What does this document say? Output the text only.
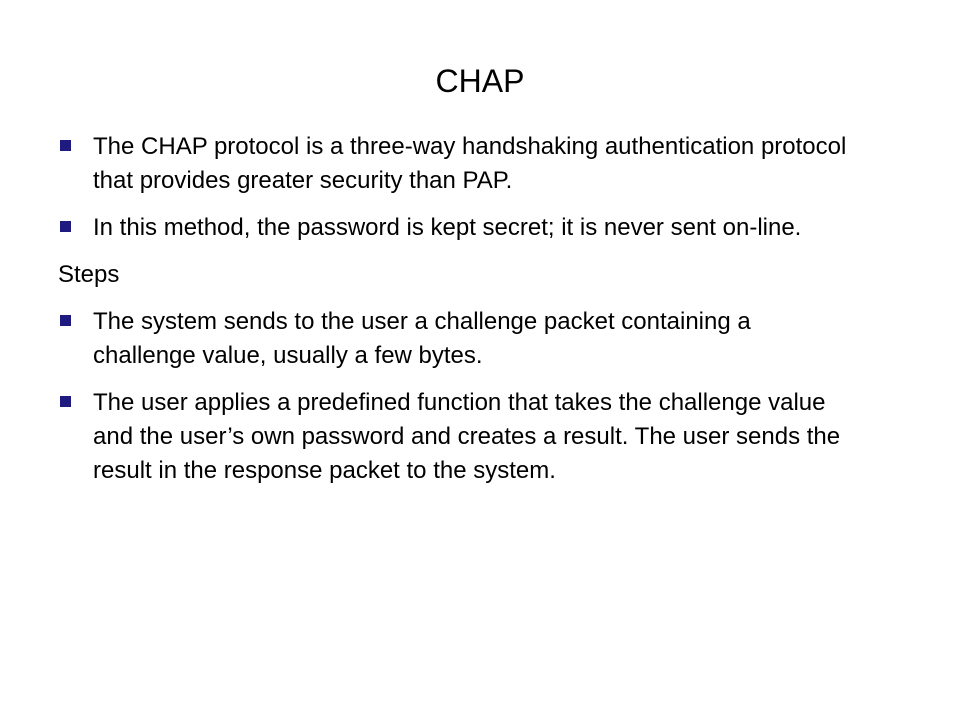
CHAP
The CHAP protocol is a three-way handshaking authentication protocol that provides greater security than PAP.
In this method, the password is kept secret; it is never sent on-line.
Steps
The system sends to the user a challenge packet containing a challenge value, usually a few bytes.
The user applies a predefined function that takes the challenge value and the user’s own password and creates a result. The user sends the result in the response packet to the system.
